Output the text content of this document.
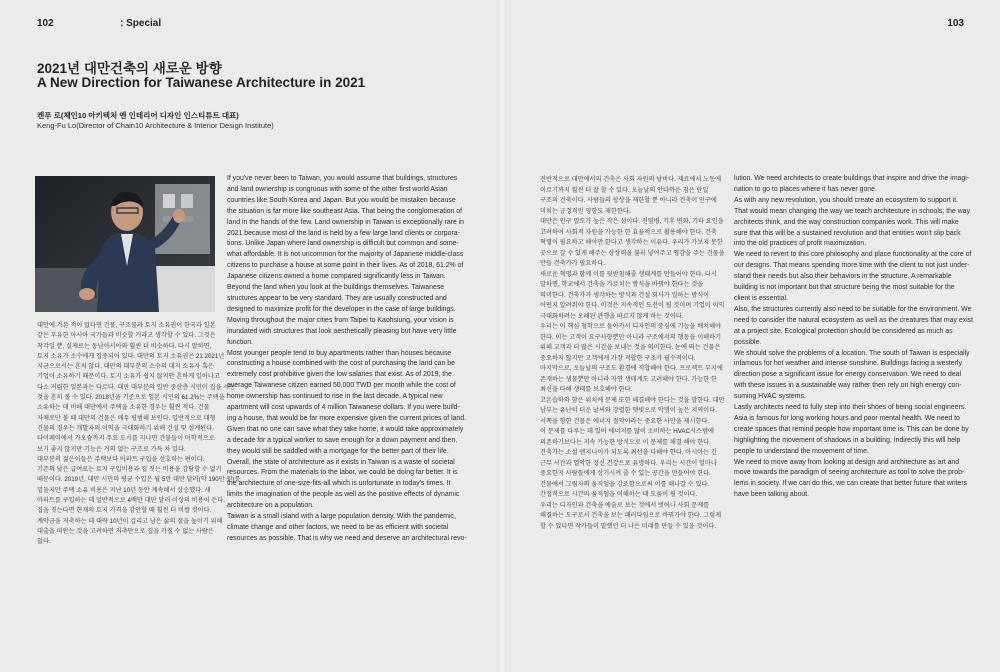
102	: Special	103
2021년 대만건축의 새로운 방향
A New Direction for Taiwanese Architecture in 2021
켄푸 로(체인10 아키텍처 앤 인테리어 디자인 인스티튜트 대표)
Keng-Fu Lo(Director of Chain10 Architecture & Interior Design Institute)
대만에 가본 적이 없다면 건물, 구조물과 토지 소유권이 한국과 일본
같은 부유한 아시아 국가들과 비슷할 거라고 생각할 수 있다. 그것은
착각일 뿐, 실제로는 동남아시아와 훨씬 더 비슷하다. 다시 말하면,
토지 소유가 소수에게 집중되어 있다. 대만의 토지 소유권은 21 2021년
지금으로서는 흔치 않다. 대만의 대부분의 소수의 대지 소유자 혹은
기업이 소유하기 때문이다. 토지 소유가 쉽지 않지만 흔하게 일어나고
다소 저렴한 일본과는 다르다. 대만 대부분의 일반 중산층 시민이 집을 사는
것을 흔히 볼 수 있다. 2018년을 기준으로 일본 시민의 61.2%는 주택을
소유하는 데 비해 대만에서 주택을 소유한 경우는 훨씬 적다. 건물
자체로만 볼 때 대만의 건물은 매우 평범해 보인다. 일반적으로 대형
건물의 경우는 개발자의 이익을 극대화하기 위해 건설 및 설계된다.
타이페이에서 가오슝까지 주요 도시를 지나면 건물들이 미학적으로
보기 좋지 않지만 기능은 거의 없는 구조로 가득 차 있다.
대부분의 젊은이들은 주택보다 아파트 구입을 선호하는 편이다.
기존의 낮은 급여로는 토지 구입비용과 집 짓는 비용을 감당할 수 없기
때문이다. 2019년, 대만 시민의 평균 수입은 월 5만 대만 달러(약 190만 원)를
밑돌지만 주택 소유 비용은 지난 10년 동안 계속해서 상승했다. 새
아파트를 구입하는 데 일반적으로 4백만 대만 달러 이상의 비용이 든다.
집을 짓는다면 현재의 토지 가격을 감안할 때 훨씬 더 비쌀 것이다.
계약금을 저축하는 데 대략 10년이 걸리고 남은 삶의 절을 높이기 위해
대출을 떠안는 것을 고려하면 저축만으로 집을 가질 수 없는 사람은
없다.
If you've never been to Taiwan, you would assume that buildings, structures
and land ownership is congruous with some of the other first world Asian
countries like South Korea and Japan. But you would be mistaken because
the situation is far more like southeast Asia. That being the conglomeration of
land in the hands of the few. Land ownership in Taiwan is exceptionally rare in
2021 because most of the land is held by a few large land clients or corpora-
tions. Unlike Japan where land ownership is difficult but common and some-
what affordable. It is not uncommon for the majority of Japanese middle-class
citizens to purchase a house at some point in their lives. As of 2018, 61.2% of
Japanese citizens owned a home compared significantly less in Taiwan.
Beyond the land when you look at the buildings themselves. Taiwanese
structures appear to be very standard. They are usually constructed and
designed to maximize profit for the developer in the case of large buildings.
Moving throughout the major cities from Taipei to Kaohsiung, your vision is
inundated with structures that look aesthetically pleasing but have very little
function.
Most younger people tend to buy apartments rather than houses because
constructing a house combined with the cost of purchasing the land can be
extremely cost prohibitive given the low salaries that exist. As of 2019, the
average Taiwanese citizen earned 50,000 TWD per month while the cost of
home ownership has continued to rise in the last decade. A typical new
apartment will cost upwards of 4 million Taiwanese dollars. If you were build-
ing a house, that would be far more expensive given the current prices of land.
Given that no one can save what they take home, it would take approximately
a decade for a typical worker to save enough for a down payment and then,
they would still be saddled with a mortgage for the better part of their life.
Overall, the state of architecture as it exists in Taiwan is a waste of societal
resources. From the materials to the labor, we could be doing far better. It is
the architecture of one-size-fits-all which is unfortunate in today's times. It
limits the imagination of the people as well as the positive effects of dynamic
architecture on a population.
Taiwan is a small island with a large population density. With the pandemic,
climate change and other factors, we need to be as efficient with societal
resources as possible. That is why we need and deserve an architectural revo-
전반적으로 대만에서의 건축은 사회 자원의 낭비다. 재료에서 노동에
이르기까지 훨씬 더 잘 할 수 있다. 오늘날의 안타까운 점은 단일
구조의 건축이다. 사람들의 상상을 제한할 뿐 아니라 건축이 인구에
미치는 긍정적인 영향도 제한한다.
대만은 인구 밀도가 높은 작은 섬이다. 전염병, 기후 변화, 기타 요인을
고려하여 사회적 자원을 가능한 한 효율적으로 활용해야 한다. 건축
혁명이 필요하고 해야만 한다고 생각하는 이유다. 우리가 가보지 못한
곳으로 갈 수 있게 해주는 상상력을 불러 넣어주고 영감을 주는 건물을
만들 건축가가 필요하다.
새로운 혁명과 함께 이를 뒷받침해줄 생태계를 만들어야 한다. 다시
말하면, 학교에서 건축을 가르치는 방식을 바꿔야 한다는 것을
의미한다. 건축가가 생각하는 방식과 건설 회사가 일하는 방식이
어떤지 알려줘야 한다. 이것은 지속적인 도전이 될 것이며 기업이 이익
극대화하려는 오래된 관행을 따르지 않게 하는 것이다.
우리는 이 핵심 철학으로 돌아가서 디자인의 중심에 기능을 배치해야
한다. 이는 고객이 요구사항뿐만 아니라 구조에서의 행동을 이해하기
위해 고객과 더 많은 시간을 보내는 것을 의미한다. 눈에 띄는 건물은
중요하지 않지만 고객에게 가장 적합한 구조가 필수적이다.
마지막으로, 오늘날의 구조도 환경에 적합해야 한다. 프로젝트 부지에
존재하는 생물뿐만 아니라 자연 생태계도 고려해야 한다. 가능한 한
최선을 다해 생태를 보호해야 한다.
고온습하와 함은 위치에 문제 또한 해결해야 한다는 것을 말한다. 대만
남부는 유난히 더운 날씨와 강렬한 햇빛으로 악명이 높은 지역이다.
서쪽을 향한 건물은 에너지 절약이라는 중요한 사안을 제시한다.
이 문제를 다루는 데 있어 에너지를 많이 소비하는 HVAC시스템에
의존하기보다는 지속 가능한 방식으로 이 문제를 해결 해야 한다.
건축가는 소설 엔지니어가 되도록 최선을 다해야 한다. 아시아는 긴
근무 시간과 열악한 정신 건강으로 유명하다. 우리는 시간이 얼마나
중요한지 사람들에게 상기시켜 줄 수 있는 공간을 만들어야 한다.
건물에서 그림자의 움직임을 강조함으로써 이를 해나갈 수 있다.
간접적으로 시간의 움직임을 이해하는 데 도움이 될 것이다.
우리는 디자인과 건축을 예술로 보는 것에서 벗어나 사회 문제를
해결하는 도구로서 건축을 보는 패러다임으로 바꿔가야 한다. 그렇게
할 수 있다면 작가들이 말했던 더 나은 미래를 만들 수 있을 것이다.
lution. We need architects to create buildings that inspire and drive the imagi-
nation to go to places where it has never gone.
As with any new revolution, you should create an ecosystem to support it.
That would mean changing the way we teach architecture in schools; the way
architects think, and the way construction companies work. This will make
sure that this will be a sustained revolution and that entities won't slip back
into the old practices of profit maximization.
We need to revert to this core philosophy and place functionality at the core of
our designs. That means spending more time with the client to not just under-
stand their needs but also their behaviors in the structure. A remarkable
building is not important but that structure being the most suitable for the
client is essential.
Also, the structures currently also need to be suitable for the environment. We
need to consider the natural ecosystem as well as the creatures that may exist
at a project site. Ecological protection should be considered as much as
possible.
We should solve the problems of a location. The south of Taiwan is especially
infamous for hot weather and intense sunshine. Buildings facing a westerly
direction pose a significant issue for energy conservation. We need to deal
with these issues in a sustainable way rather then rely on high energy con-
suming HVAC systems.
Lastly architects need to fully step into their shoes of being social engineers.
Asia is famous for long working hours and poor mental health. We need to
create spaces that remind people how important time is. This can be done by
highlighting the movement of shadows in a building. Indirectly this will help
people to understand the movement of time.
We need to move away from looking at design and architecture as art and
move towards the paradigm of seeing architecture as tool to solve the prob-
lems in society. If we can do this, we can create that better future that writers
have been talking about.
